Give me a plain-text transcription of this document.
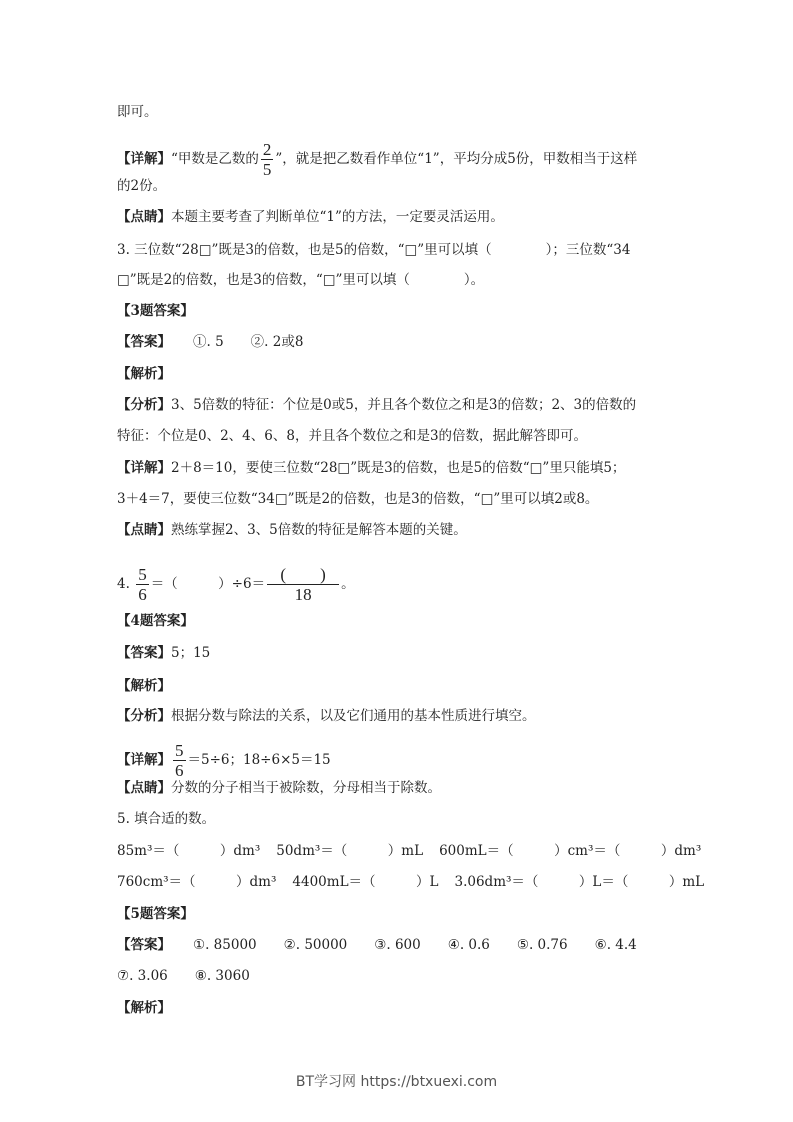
即可。
【详解】“甲数是乙数的 $\frac{2}{5}$ ”，就是把乙数看作单位“1”，平均分成5份，甲数相当于这样
的2份。
【点睛】本题主要考查了判断单位“1”的方法，一定要灵活运用。
3. 三位数“28□”既是3的倍数，也是5的倍数，“□”里可以填（　　　　）；三位数“34
□”既是2的倍数，也是3的倍数，“□”里可以填（　　　　）。
【3题答案】
【答案】 ①. 5　　②. 2或8
【解析】
【分析】3、5倍数的特征：个位是0或5，并且各个数位之和是3的倍数；2、3的倍数的
特征：个位是0、2、4、6、8，并且各个数位之和是3的倍数，据此解答即可。
【详解】2＋8＝10，要使三位数“28□”既是3的倍数，也是5的倍数“□”里只能填5；
3＋4＝7，要使三位数“34□”既是2的倍数，也是3的倍数，“□”里可以填2或8。
【点睛】熟练掌握2、3、5倍数的特征是解答本题的关键。
4. $\frac{5}{6}$ ＝（　　　）$\div 6= \frac{( )}{18}$ 。
【4题答案】
【答案】5；15
【解析】
【分析】根据分数与除法的关系，以及它们通用的基本性质进行填空。
【详解】 $\frac{5}{6} =5\div 6$；18÷6×5＝15
【点睛】分数的分子相当于被除数，分母相当于除数。
5. 填合适的数。
85m³＝（　　　）dm³ 50dm³＝（　　　）mL 600mL＝（　　　）cm³＝（　　　）dm³
760cm³＝（　　　）dm³ 4400mL＝（　　　）L 3.06dm³＝（　　　）L＝（　　　）mL
【5题答案】
【答案】 ①. 85000　　②. 50000　　③. 600　　④. 0.6　　⑤. 0.76　　⑥. 4.4
⑦. 3.06　　⑧. 3060
【解析】
BT学习网 https://btxuexi.com
